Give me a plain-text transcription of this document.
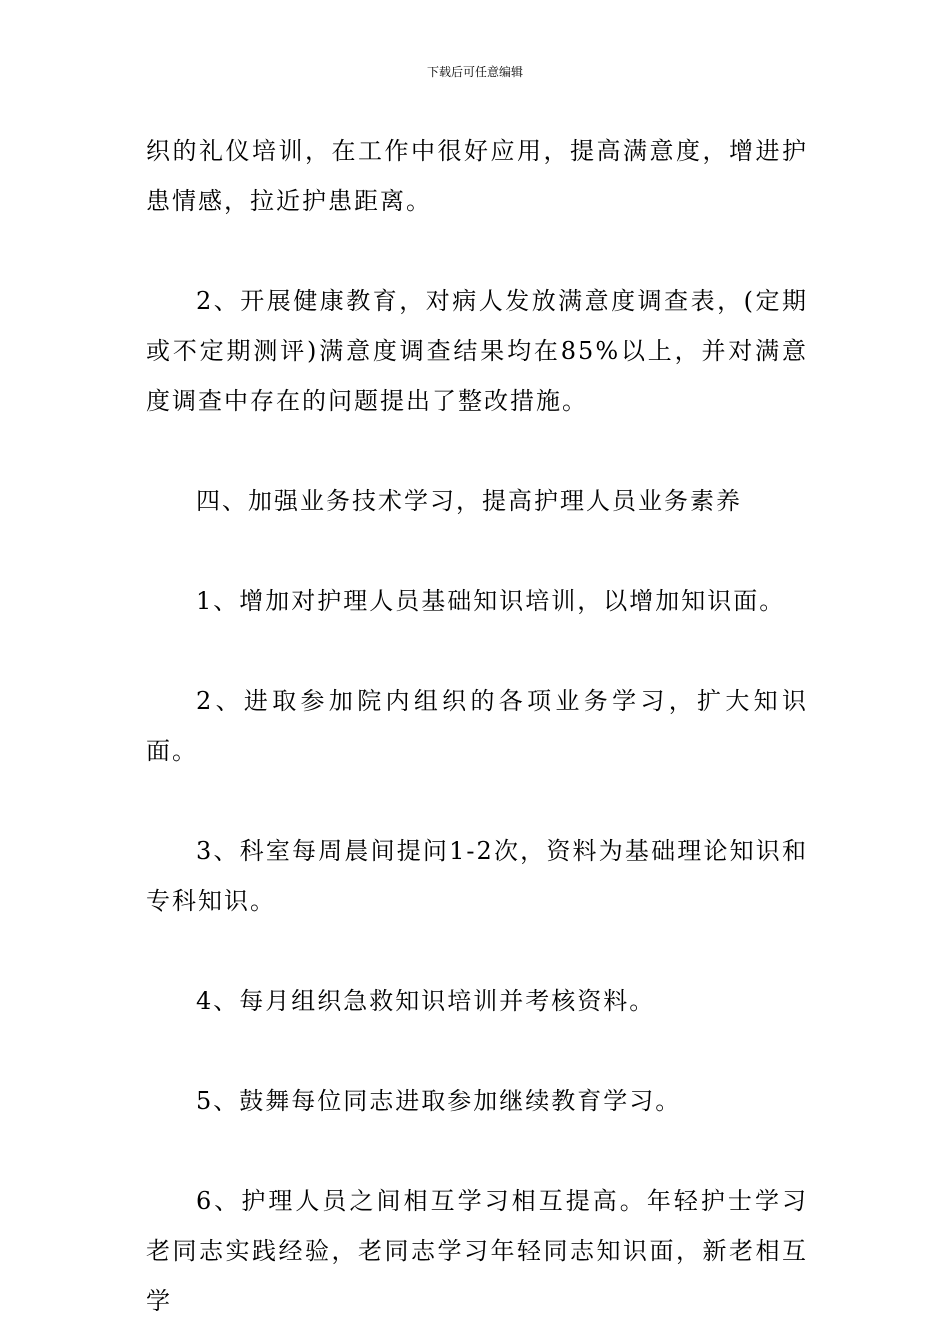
下载后可任意编辑

织的礼仪培训，在工作中很好应用，提高满意度，增进护患情感，拉近护患距离。

2、开展健康教育，对病人发放满意度调查表，(定期或不定期测评)满意度调查结果均在85%以上，并对满意度调查中存在的问题提出了整改措施。

四、加强业务技术学习，提高护理人员业务素养

1、增加对护理人员基础知识培训，以增加知识面。

2、进取参加院内组织的各项业务学习，扩大知识面。

3、科室每周晨间提问1-2次，资料为基础理论知识和专科知识。

4、每月组织急救知识培训并考核资料。

5、鼓舞每位同志进取参加继续教育学习。

6、护理人员之间相互学习相互提高。年轻护士学习老同志实践经验，老同志学习年轻同志知识面，新老相互学
